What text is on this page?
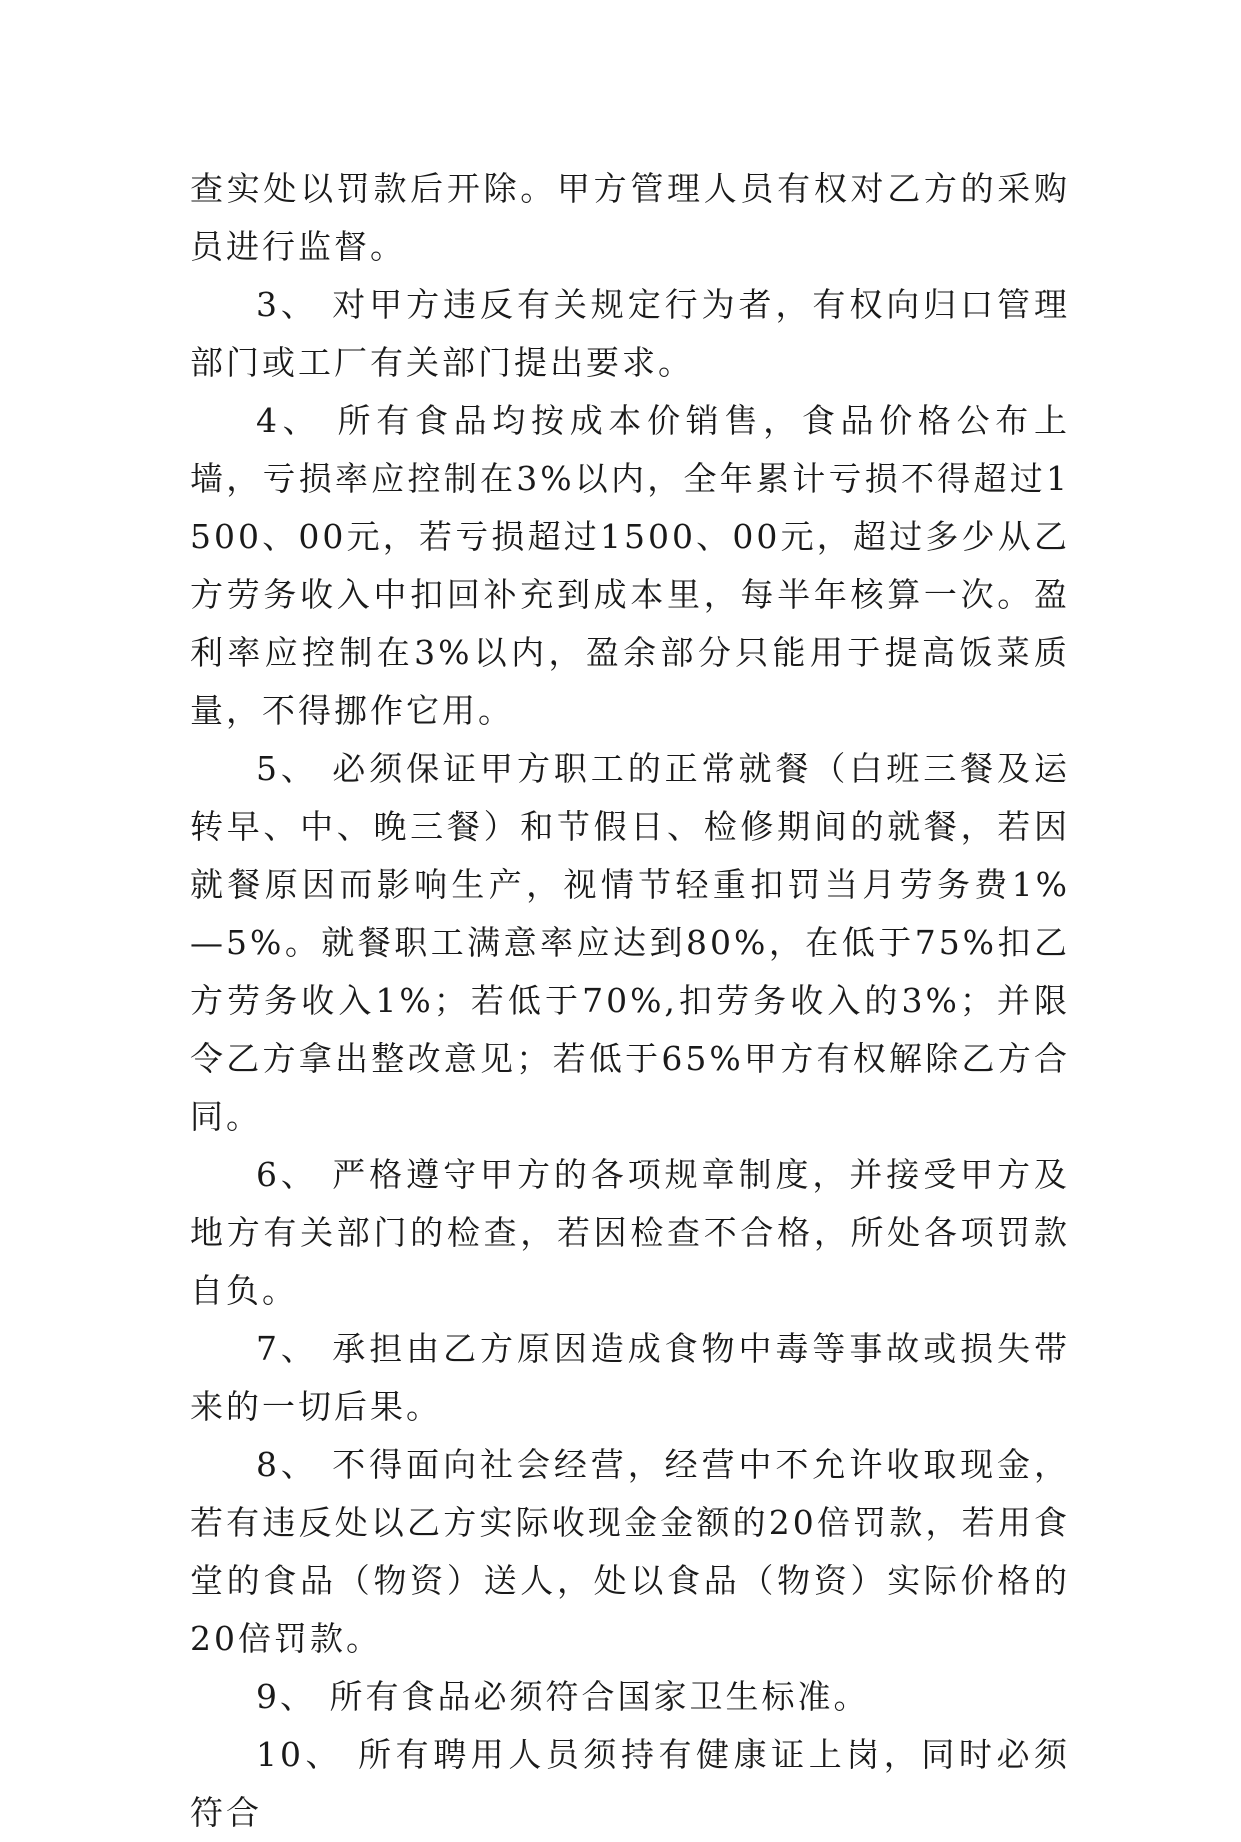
查实处以罚款后开除。甲方管理人员有权对乙方的采购员进行监督。

3、 对甲方违反有关规定行为者，有权向归口管理部门或工厂有关部门提出要求。

4、 所有食品均按成本价销售，食品价格公布上墙，亏损率应控制在3%以内，全年累计亏损不得超过1500、00元，若亏损超过1500、00元，超过多少从乙方劳务收入中扣回补充到成本里，每半年核算一次。盈利率应控制在3%以内，盈余部分只能用于提高饭菜质量，不得挪作它用。

5、 必须保证甲方职工的正常就餐（白班三餐及运转早、中、晚三餐）和节假日、检修期间的就餐，若因就餐原因而影响生产，视情节轻重扣罚当月劳务费1%—5%。就餐职工满意率应达到80%，在低于75%扣乙方劳务收入1%；若低于70%,扣劳务收入的3%；并限令乙方拿出整改意见；若低于65%甲方有权解除乙方合同。

6、 严格遵守甲方的各项规章制度，并接受甲方及地方有关部门的检查，若因检查不合格，所处各项罚款自负。

7、 承担由乙方原因造成食物中毒等事故或损失带来的一切后果。

8、 不得面向社会经营，经营中不允许收取现金，若有违反处以乙方实际收现金金额的20倍罚款，若用食堂的食品（物资）送人，处以食品（物资）实际价格的20倍罚款。

9、 所有食品必须符合国家卫生标准。

10、 所有聘用人员须持有健康证上岗，同时必须符合
